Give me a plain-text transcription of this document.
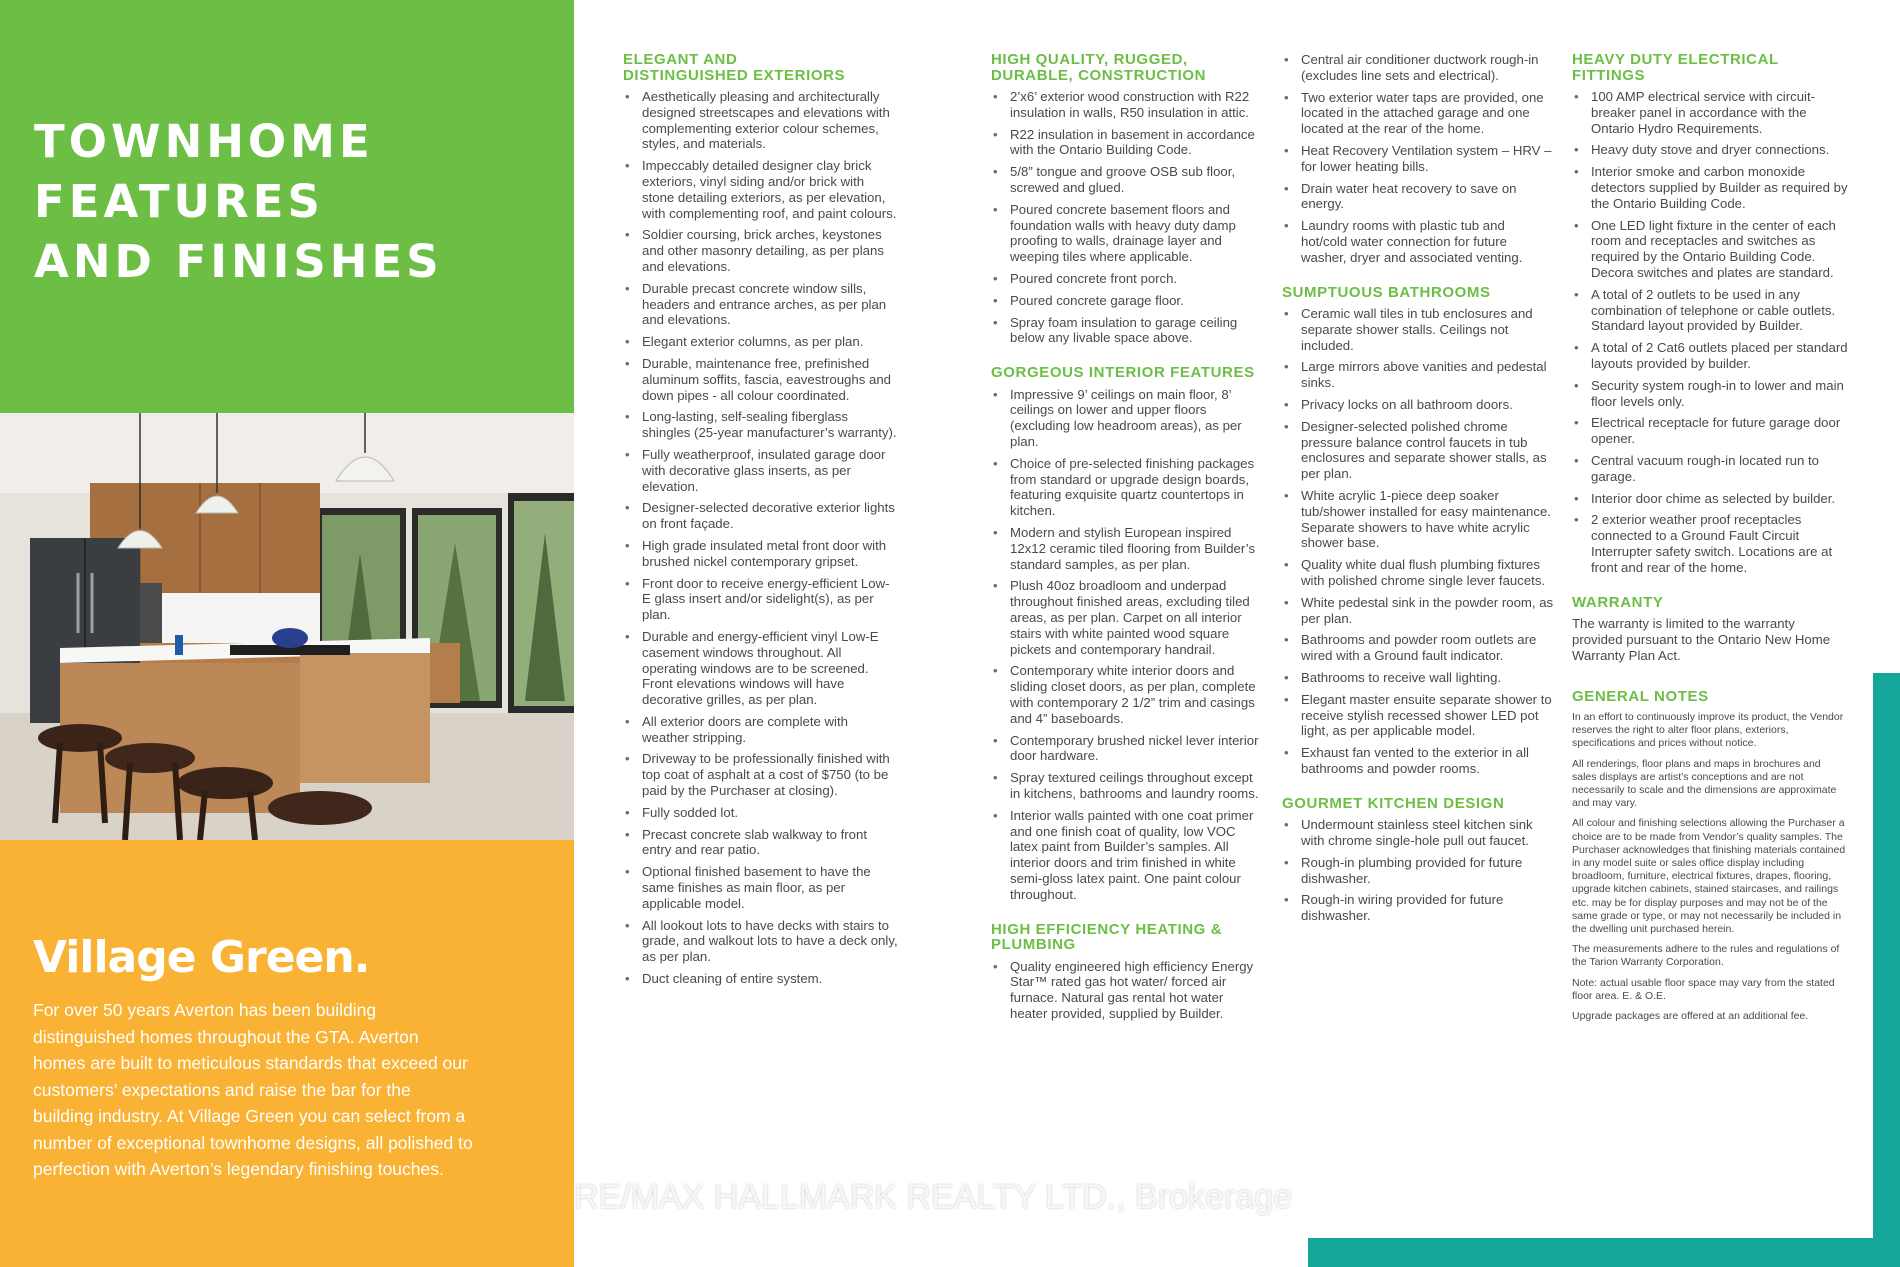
TOWNHOME
FEATURES
AND FINISHES
Village Green.

For over 50 years Averton has been building distinguished homes throughout the GTA. Averton homes are built to meticulous standards that exceed our customers’ expectations and raise the bar for the building industry. At Village Green you can select from a number of exceptional townhome designs, all polished to perfection with Averton’s legendary finishing touches.

ELEGANT AND DISTINGUISHED EXTERIORS
• Aesthetically pleasing and architecturally designed streetscapes and elevations with complementing exterior colour schemes, styles, and materials.
• Impeccably detailed designer clay brick exteriors, vinyl siding and/or brick with stone detailing exteriors, as per elevation, with complementing roof, and paint colours.
• Soldier coursing, brick arches, keystones and other masonry detailing, as per plans and elevations.
• Durable precast concrete window sills, headers and entrance arches, as per plan and elevations.
• Elegant exterior columns, as per plan.
• Durable, maintenance free, prefinished aluminum soffits, fascia, eavestroughs and down pipes - all colour coordinated.
• Long-lasting, self-sealing fiberglass shingles (25-year manufacturer’s warranty).
• Fully weatherproof, insulated garage door with decorative glass inserts, as per elevation.
• Designer-selected decorative exterior lights on front façade.
• High grade insulated metal front door with brushed nickel contemporary gripset.
• Front door to receive energy-efficient Low-E glass insert and/or sidelight(s), as per plan.
• Durable and energy-efficient vinyl Low-E casement windows throughout. All operating windows are to be screened. Front elevations windows will have decorative grilles, as per plan.
• All exterior doors are complete with weather stripping.
• Driveway to be professionally finished with top coat of asphalt at a cost of $750 (to be paid by the Purchaser at closing).
• Fully sodded lot.
• Precast concrete slab walkway to front entry and rear patio.
• Optional finished basement to have the same finishes as main floor, as per applicable model.
• All lookout lots to have decks with stairs to grade, and walkout lots to have a deck only, as per plan.
• Duct cleaning of entire system.
HIGH QUALITY, RUGGED, DURABLE, CONSTRUCTION
• 2’x6’ exterior wood construction with R22 insulation in walls, R50 insulation in attic.
• R22 insulation in basement in accordance with the Ontario Building Code.
• 5/8” tongue and groove OSB sub floor, screwed and glued.
• Poured concrete basement floors and foundation walls with heavy duty damp proofing to walls, drainage layer and weeping tiles where applicable.
• Poured concrete front porch.
• Poured concrete garage floor.
• Spray foam insulation to garage ceiling below any livable space above.
GORGEOUS INTERIOR FEATURES
• Impressive 9’ ceilings on main floor, 8’ ceilings on lower and upper floors (excluding low headroom areas), as per plan.
• Choice of pre-selected finishing packages from standard or upgrade design boards, featuring exquisite quartz countertops in kitchen.
• Modern and stylish European inspired 12x12 ceramic tiled flooring from Builder’s standard samples, as per plan.
• Plush 40oz broadloom and underpad throughout finished areas, excluding tiled areas, as per plan. Carpet on all interior stairs with white painted wood square pickets and contemporary handrail.
• Contemporary white interior doors and sliding closet doors, as per plan, complete with contemporary 2 1/2” trim and casings and 4” baseboards.
• Contemporary brushed nickel lever interior door hardware.
• Spray textured ceilings throughout except in kitchens, bathrooms and laundry rooms.
• Interior walls painted with one coat primer and one finish coat of quality, low VOC latex paint from Builder’s samples. All interior doors and trim finished in white semi-gloss latex paint. One paint colour throughout.
HIGH EFFICIENCY HEATING & PLUMBING
• Quality engineered high efficiency Energy Star™ rated gas hot water/ forced air furnace. Natural gas rental hot water heater provided, supplied by Builder.
• Central air conditioner ductwork rough-in (excludes line sets and electrical).
• Two exterior water taps are provided, one located in the attached garage and one located at the rear of the home.
• Heat Recovery Ventilation system – HRV – for lower heating bills.
• Drain water heat recovery to save on energy.
• Laundry rooms with plastic tub and hot/cold water connection for future washer, dryer and associated venting.
SUMPTUOUS BATHROOMS
• Ceramic wall tiles in tub enclosures and separate shower stalls. Ceilings not included.
• Large mirrors above vanities and pedestal sinks.
• Privacy locks on all bathroom doors.
• Designer-selected polished chrome pressure balance control faucets in tub enclosures and separate shower stalls, as per plan.
• White acrylic 1-piece deep soaker tub/shower installed for easy maintenance. Separate showers to have white acrylic shower base.
• Quality white dual flush plumbing fixtures with polished chrome single lever faucets.
• White pedestal sink in the powder room, as per plan.
• Bathrooms and powder room outlets are wired with a Ground fault indicator.
• Bathrooms to receive wall lighting.
• Elegant master ensuite separate shower to receive stylish recessed shower LED pot light, as per applicable model.
• Exhaust fan vented to the exterior in all bathrooms and powder rooms.
GOURMET KITCHEN DESIGN
• Undermount stainless steel kitchen sink with chrome single-hole pull out faucet.
• Rough-in plumbing provided for future dishwasher.
• Rough-in wiring provided for future dishwasher.
HEAVY DUTY ELECTRICAL FITTINGS
• 100 AMP electrical service with circuit-breaker panel in accordance with the Ontario Hydro Requirements.
• Heavy duty stove and dryer connections.
• Interior smoke and carbon monoxide detectors supplied by Builder as required by the Ontario Building Code.
• One LED light fixture in the center of each room and receptacles and switches as required by the Ontario Building Code. Decora switches and plates are standard.
• A total of 2 outlets to be used in any combination of telephone or cable outlets. Standard layout provided by Builder.
• A total of 2 Cat6 outlets placed per standard layouts provided by builder.
• Security system rough-in to lower and main floor levels only.
• Electrical receptacle for future garage door opener.
• Central vacuum rough-in located run to garage.
• Interior door chime as selected by builder.
• 2 exterior weather proof receptacles connected to a Ground Fault Circuit Interrupter safety switch. Locations are at front and rear of the home.
WARRANTY

The warranty is limited to the warranty provided pursuant to the Ontario New Home Warranty Plan Act.

GENERAL NOTES

In an effort to continuously improve its product, the Vendor reserves the right to alter floor plans, exteriors, specifications and prices without notice.

All renderings, floor plans and maps in brochures and sales displays are artist’s conceptions and are not necessarily to scale and the dimensions are approximate and may vary.

All colour and finishing selections allowing the Purchaser a choice are to be made from Vendor’s quality samples. The Purchaser acknowledges that finishing materials contained in any model suite or sales office display including broadloom, furniture, electrical fixtures, drapes, flooring, upgrade kitchen cabinets, stained staircases, and railings etc. may be for display purposes and may not be of the same grade or type, or may not necessarily be included in the dwelling unit purchased herein.

The measurements adhere to the rules and regulations of the Tarion Warranty Corporation.

Note: actual usable floor space may vary from the stated floor area. E. & O.E.

Upgrade packages are offered at an additional fee.

RE/MAX HALLMARK REALTY LTD., Brokerage
